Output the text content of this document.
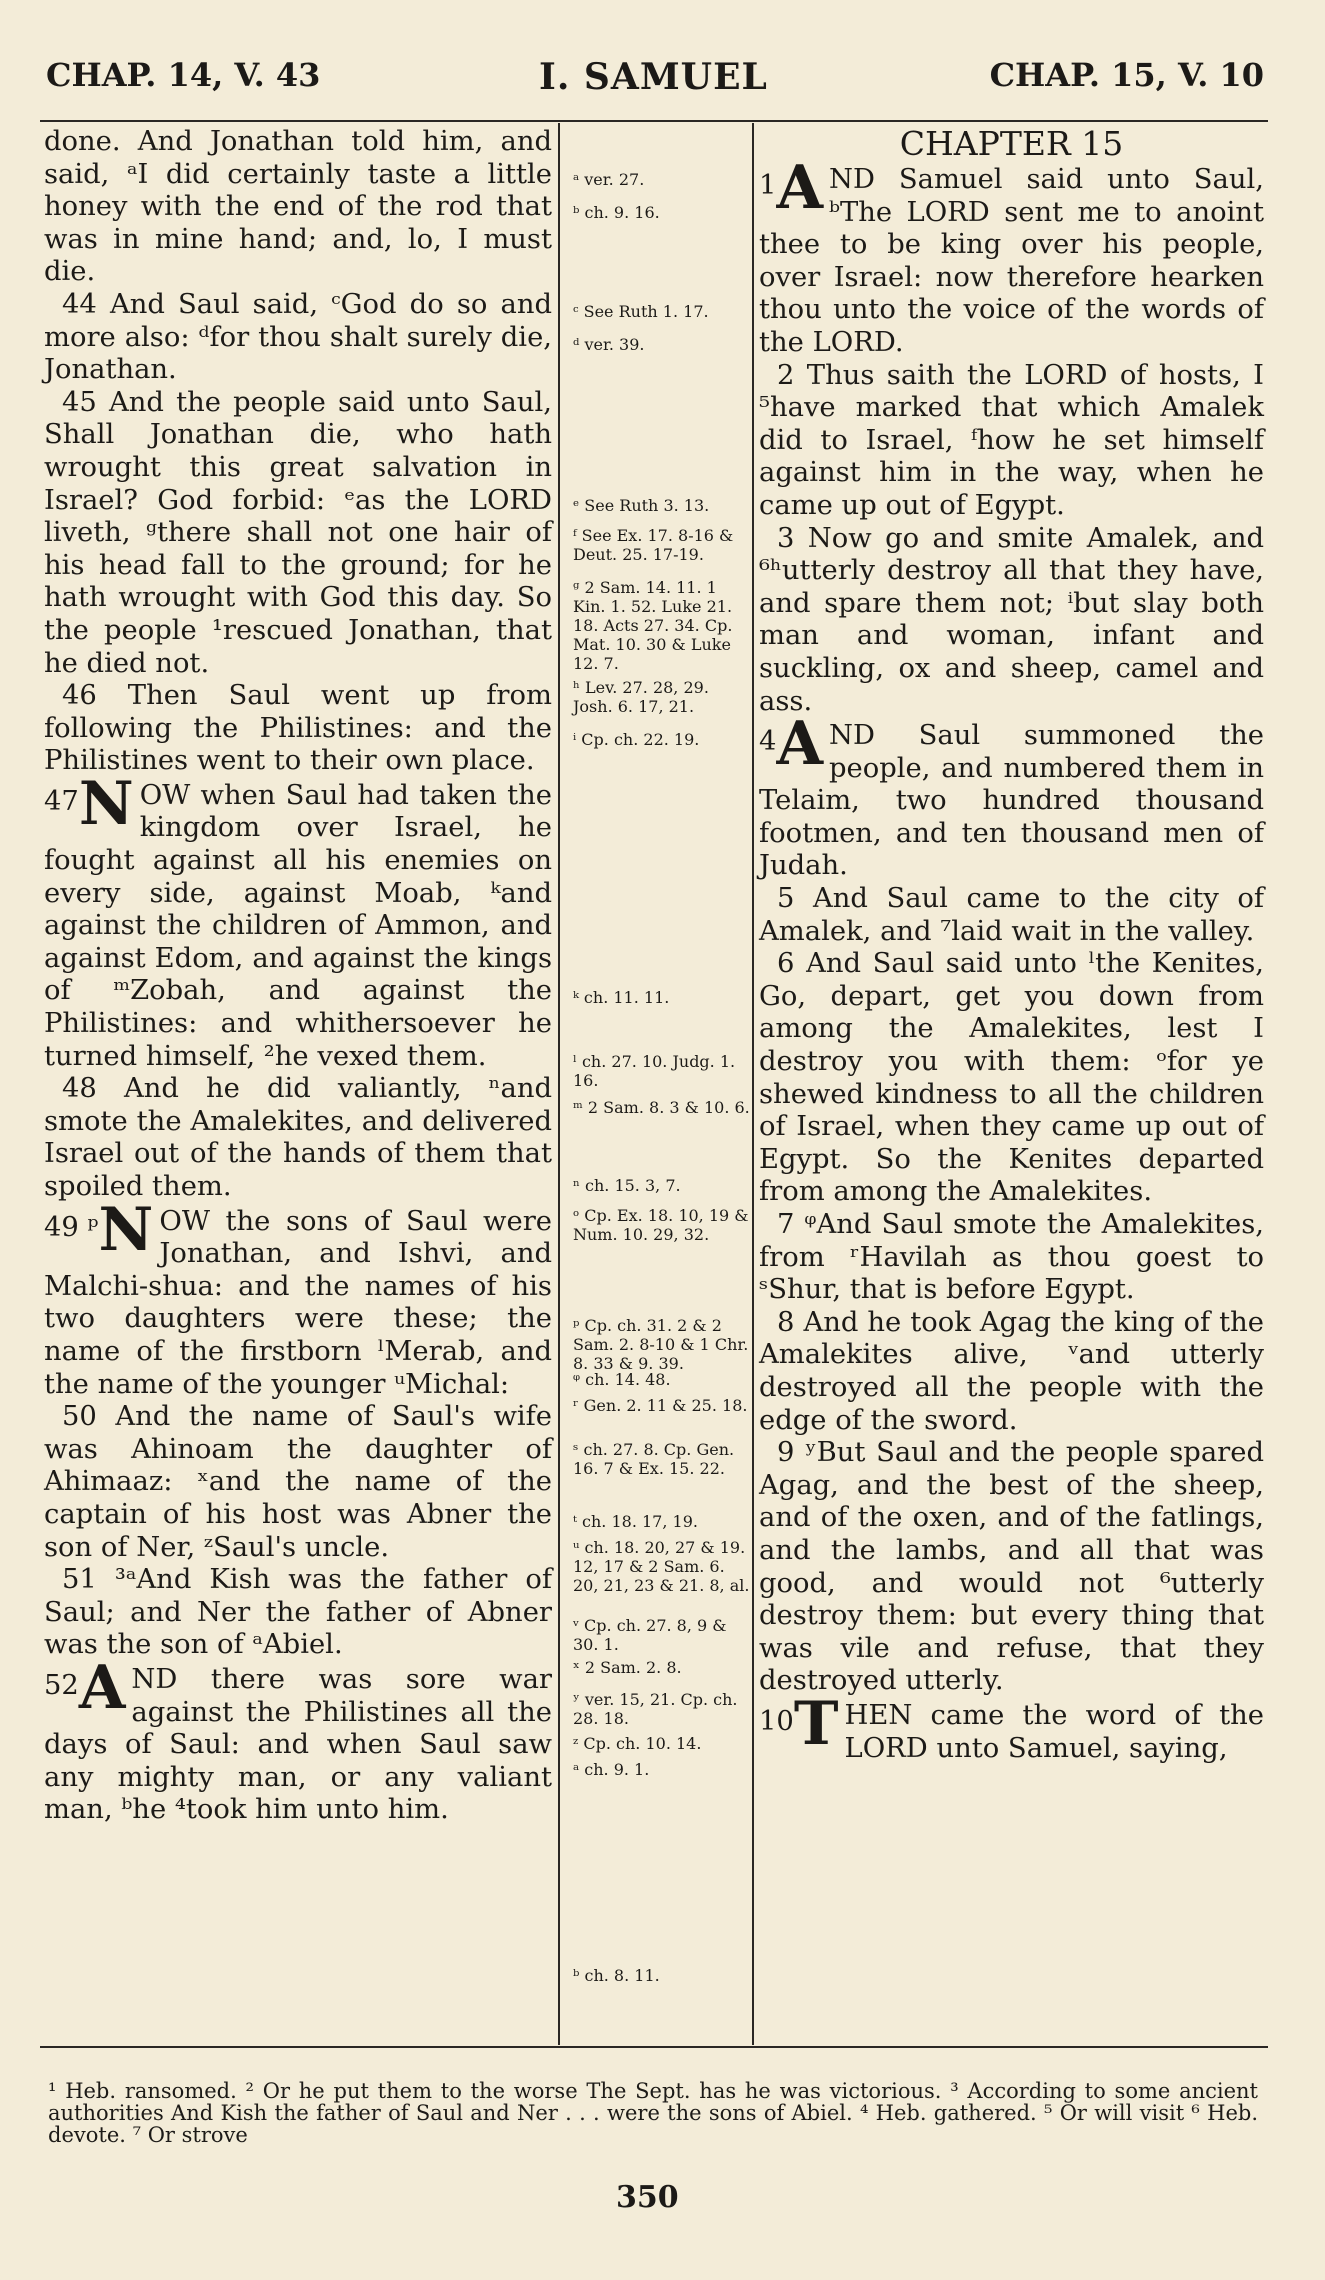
CHAP. 14, V. 43	I. SAMUEL	CHAP. 15, V. 10

done. And Jonathan told him, and said, ᵃI did certainly taste a little honey with the end of the rod that was in mine hand; and, lo, I must die.

44 And Saul said, ᶜGod do so and more also: ᵈfor thou shalt surely die, Jonathan.

45 And the people said unto Saul, Shall Jonathan die, who hath wrought this great salvation in Israel? God forbid: ᵉas the LORD liveth, ᵍthere shall not one hair of his head fall to the ground; for he hath wrought with God this day. So the people ¹rescued Jonathan, that he died not.

46 Then Saul went up from following the Philistines: and the Philistines went to their own place.

47 N OW when Saul had taken the kingdom over Israel, he fought against all his enemies on every side, against Moab, ᵏand against the children of Ammon, and against Edom, and against the kings of ᵐZobah, and against the Philistines: and whithersoever he turned himself, ²he vexed them.

48 And he did valiantly, ⁿand smote the Amalekites, and delivered Israel out of the hands of them that spoiled them.

49 ᵖ N OW the sons of Saul were Jonathan, and Ishvi, and Malchi-shua: and the names of his two daughters were these; the name of the firstborn ˡMerab, and the name of the younger ᵘMichal:

50 And the name of Saul's wife was Ahinoam the daughter of Ahimaaz: ˣand the name of the captain of his host was Abner the son of Ner, ᶻSaul's uncle.

51 ³ᵃAnd Kish was the father of Saul; and Ner the father of Abner was the son of ᵃAbiel.

52 A ND there was sore war against the Philistines all the days of Saul: and when Saul saw any mighty man, or any valiant man, ᵇhe ⁴took him unto him.

ᵃ ver. 27.
ᵇ ch. 9. 16.
ᶜ See Ruth 1. 17.
ᵈ ver. 39.
ᵉ See Ruth 3. 13.
ᶠ See Ex. 17. 8-16 & Deut. 25. 17-19.
ᵍ 2 Sam. 14. 11. 1 Kin. 1. 52. Luke 21. 18. Acts 27. 34. Cp. Mat. 10. 30 & Luke 12. 7.
ʰ Lev. 27. 28, 29. Josh. 6. 17, 21.
ⁱ Cp. ch. 22. 19.
ᵏ ch. 11. 11.
ˡ ch. 27. 10. Judg. 1. 16.
ᵐ 2 Sam. 8. 3 & 10. 6.
ⁿ ch. 15. 3, 7.
ᵒ Cp. Ex. 18. 10, 19 & Num. 10. 29, 32.
ᵖ Cp. ch. 31. 2 & 2 Sam. 2. 8-10 & 1 Chr. 8. 33 & 9. 39.
ᵠ ch. 14. 48.
ʳ Gen. 2. 11 & 25. 18.
ˢ ch. 27. 8. Cp. Gen. 16. 7 & Ex. 15. 22.
ᵗ ch. 18. 17, 19.
ᵘ ch. 18. 20, 27 & 19. 12, 17 & 2 Sam. 6. 20, 21, 23 & 21. 8, al.
ᵛ Cp. ch. 27. 8, 9 & 30. 1.
ˣ 2 Sam. 2. 8.
ʸ ver. 15, 21. Cp. ch. 28. 18.
ᶻ Cp. ch. 10. 14.
ᵃ ch. 9. 1.
ᵇ ch. 8. 11.

CHAPTER 15

1 A ND Samuel said unto Saul, ᵇThe LORD sent me to anoint thee to be king over his people, over Israel: now therefore hearken thou unto the voice of the words of the LORD.

2 Thus saith the LORD of hosts, I ⁵have marked that which Amalek did to Israel, ᶠhow he set himself against him in the way, when he came up out of Egypt.

3 Now go and smite Amalek, and ⁶ʰutterly destroy all that they have, and spare them not; ⁱbut slay both man and woman, infant and suckling, ox and sheep, camel and ass.

4 A ND Saul summoned the people, and numbered them in Telaim, two hundred thousand footmen, and ten thousand men of Judah.

5 And Saul came to the city of Amalek, and ⁷laid wait in the valley.

6 And Saul said unto ˡthe Kenites, Go, depart, get you down from among the Amalekites, lest I destroy you with them: ᵒfor ye shewed kindness to all the children of Israel, when they came up out of Egypt. So the Kenites departed from among the Amalekites.

7 ᵠAnd Saul smote the Amalekites, from ʳHavilah as thou goest to ˢShur, that is before Egypt.

8 And he took Agag the king of the Amalekites alive, ᵛand utterly destroyed all the people with the edge of the sword.

9 ʸBut Saul and the people spared Agag, and the best of the sheep, and of the oxen, and of the fatlings, and the lambs, and all that was good, and would not ⁶utterly destroy them: but every thing that was vile and refuse, that they destroyed utterly.

10 T HEN came the word of the LORD unto Samuel, saying,

¹ Heb. ransomed. ² Or he put them to the worse The Sept. has he was victorious. ³ According to some ancient authorities And Kish the father of Saul and Ner . . . were the sons of Abiel. ⁴ Heb. gathered. ⁵ Or will visit ⁶ Heb. devote. ⁷ Or strove
350
